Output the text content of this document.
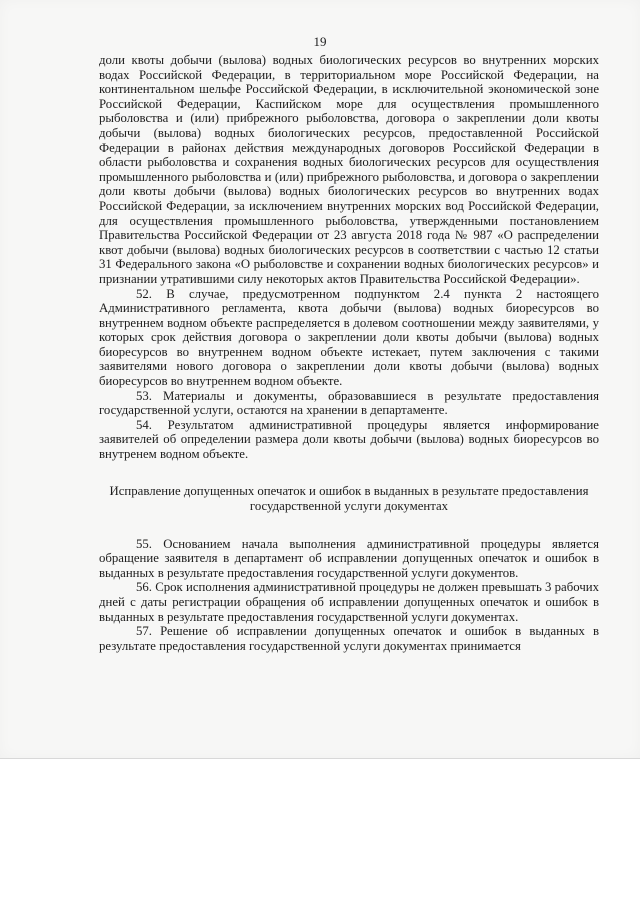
19

доли квоты добычи (вылова) водных биологических ресурсов во внутренних морских водах Российской Федерации, в территориальном море Российской Федерации, на континентальном шельфе Российской Федерации, в исключительной экономической зоне Российской Федерации, Каспийском море для осуществления промышленного рыболовства и (или) прибрежного рыболовства, договора о закреплении доли квоты добычи (вылова) водных биологических ресурсов, предоставленной Российской Федерации в районах действия международных договоров Российской Федерации в области рыболовства и сохранения водных биологических ресурсов для осуществления промышленного рыболовства и (или) прибрежного рыболовства, и договора о закреплении доли квоты добычи (вылова) водных биологических ресурсов во внутренних водах Российской Федерации, за исключением внутренних морских вод Российской Федерации, для осуществления промышленного рыболовства, утвержденными постановлением Правительства Российской Федерации от 23 августа 2018 года № 987 «О распределении квот добычи (вылова) водных биологических ресурсов в соответствии с частью 12 статьи 31 Федерального закона «О рыболовстве и сохранении водных биологических ресурсов» и признании утратившими силу некоторых актов Правительства Российской Федерации».

52. В случае, предусмотренном подпунктом 2.4 пункта 2 настоящего Административного регламента, квота добычи (вылова) водных биоресурсов во внутреннем водном объекте распределяется в долевом соотношении между заявителями, у которых срок действия договора о закреплении доли квоты добычи (вылова) водных биоресурсов во внутреннем водном объекте истекает, путем заключения с такими заявителями нового договора о закреплении доли квоты добычи (вылова) водных биоресурсов во внутреннем водном объекте.

53. Материалы и документы, образовавшиеся в результате предоставления государственной услуги, остаются на хранении в департаменте.

54. Результатом административной процедуры является информирование заявителей об определении размера доли квоты добычи (вылова) водных биоресурсов во внутренем водном объекте.

Исправление допущенных опечаток и ошибок в выданных в результате предоставления государственной услуги документах

55. Основанием начала выполнения административной процедуры является обращение заявителя в департамент об исправлении допущенных опечаток и ошибок в выданных в результате предоставления государственной услуги документов.

56. Срок исполнения административной процедуры не должен превышать 3 рабочих дней с даты регистрации обращения об исправлении допущенных опечаток и ошибок в выданных в результате предоставления государственной услуги документах.

57. Решение об исправлении допущенных опечаток и ошибок в выданных в результате предоставления государственной услуги документах принимается
